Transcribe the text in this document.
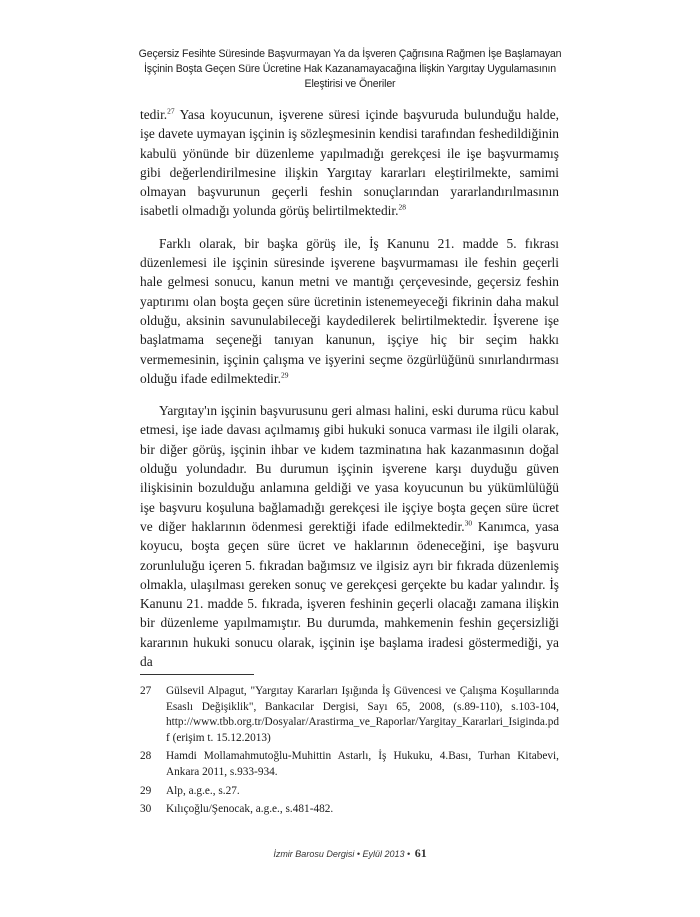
Geçersiz Fesihte Süresinde Başvurmayan Ya da İşveren Çağrısına Rağmen İşe Başlamayan
İşçinin Boşta Geçen Süre Ücretine Hak Kazanamayacağına İlişkin Yargıtay Uygulamasının
Eleştirisi ve Öneriler

tedir.$^{27}$ Yasa koyucunun, işverene süresi içinde başvuruda bulunduğu halde, işe davete uymayan işçinin iş sözleşmesinin kendisi tarafından feshedildiğinin kabulü yönünde bir düzenleme yapılmadığı gerekçesi ile işe başvurmamış gibi değerlendirilmesine ilişkin Yargıtay kararları eleştirilmekte, samimi olmayan başvurunun geçerli feshin sonuçlarından yararlandırılmasının isabetli olmadığı yolunda görüş belirtilmektedir.$^{28}$

Farklı olarak, bir başka görüş ile, İş Kanunu 21. madde 5. fıkrası düzenlemesi ile işçinin süresinde işverene başvurmaması ile feshin geçerli hale gelmesi sonucu, kanun metni ve mantığı çerçevesinde, geçersiz feshin yaptırımı olan boşta geçen süre ücretinin istenemeyeceği fikrinin daha makul olduğu, aksinin savunulabileceği kaydedilerek belirtilmektedir. İşverene işe başlatmama seçeneği tanıyan kanunun, işçiye hiç bir seçim hakkı vermemesinin, işçinin çalışma ve işyerini seçme özgürlüğünü sınırlandırması olduğu ifade edilmektedir.$^{29}$

Yargıtay'ın işçinin başvurusunu geri alması halini, eski duruma rücu kabul etmesi, işe iade davası açılmamış gibi hukuki sonuca varması ile ilgili olarak, bir diğer görüş, işçinin ihbar ve kıdem tazminatına hak kazanmasının doğal olduğu yolundadır. Bu durumun işçinin işverene karşı duyduğu güven ilişkisinin bozulduğu anlamına geldiği ve yasa koyucunun bu yükümlülüğü işe başvuru koşuluna bağlamadığı gerekçesi ile işçiye boşta geçen süre ücret ve diğer haklarının ödenmesi gerektiği ifade edilmektedir.$^{30}$ Kanımca, yasa koyucu, boşta geçen süre ücret ve haklarının ödeneceğini, işe başvuru zorunluluğu içeren 5. fıkradan bağımsız ve ilgisiz ayrı bir fıkrada düzenlemiş olmakla, ulaşılması gereken sonuç ve gerekçesi gerçekte bu kadar yalındır. İş Kanunu 21. madde 5. fıkrada, işveren feshinin geçerli olacağı zamana ilişkin bir düzenleme yapılmamıştır. Bu durumda, mahkemenin feshin geçersizliği kararının hukuki sonucu olarak, işçinin işe başlama iradesi göstermediği, ya da

27	Gülsevil Alpagut, "Yargıtay Kararları Işığında İş Güvencesi ve Çalışma Koşullarında Esaslı Değişiklik", Bankacılar Dergisi, Sayı 65, 2008, (s.89-110), s.103-104, http://www.tbb.org.tr/Dosyalar/Arastirma_ve_Raporlar/Yargitay_Kararlari_Isiginda.pdf (erişim t. 15.12.2013)
28	Hamdi Mollamahmutoğlu-Muhittin Astarlı, İş Hukuku, 4.Bası, Turhan Kitabevi, Ankara 2011, s.933-934.
29	Alp, a.g.e., s.27.
30	Kılıçoğlu/Şenocak, a.g.e., s.481-482.
İzmir Barosu Dergisi • Eylül 2013 • 61
